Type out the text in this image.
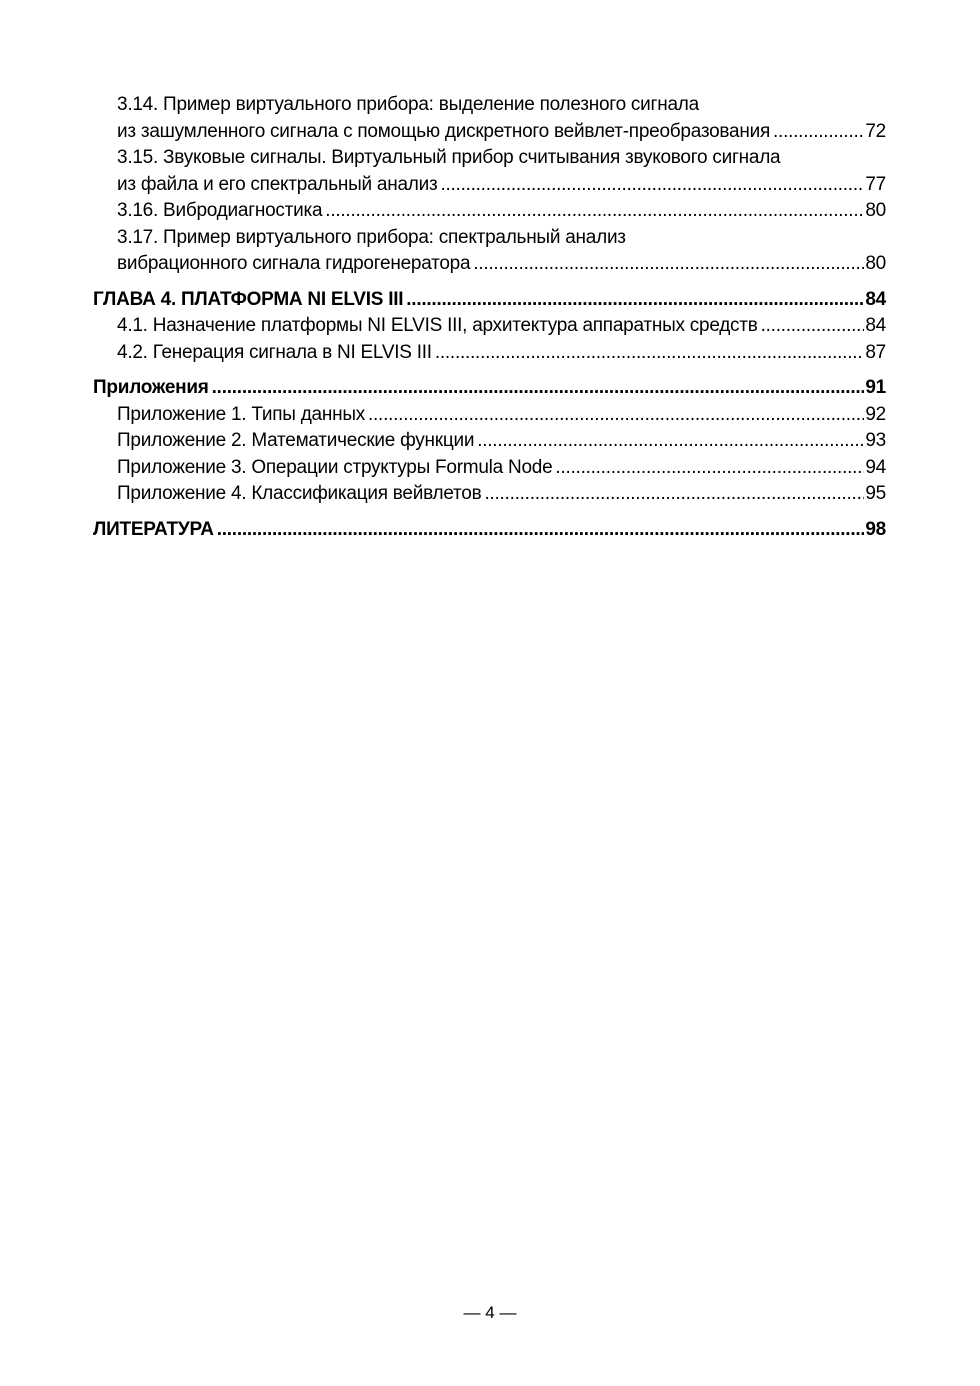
3.14. Пример виртуального прибора: выделение полезного сигнала
из зашумленного сигнала с помощью дискретного вейвлет-преобразования .....	72
3.15. Звуковые сигналы. Виртуальный прибор считывания звукового сигнала
из файла и его спектральный анализ .....	77
3.16. Вибродиагностика .....	80
3.17. Пример виртуального прибора: спектральный анализ
вибрационного сигнала гидрогенератора .....	80
ГЛАВА 4. ПЛАТФОРМА NI ELVIS III .....	84
4.1. Назначение платформы NI ELVIS III, архитектура аппаратных средств .....	84
4.2. Генерация сигнала в NI ELVIS III .....	87
Приложения .....	91
Приложение 1. Типы данных .....	92
Приложение 2. Математические функции .....	93
Приложение 3. Операции структуры Formula Node .....	94
Приложение 4. Классификация вейвлетов .....	95
ЛИТЕРАТУРА .....	98
— 4 —
